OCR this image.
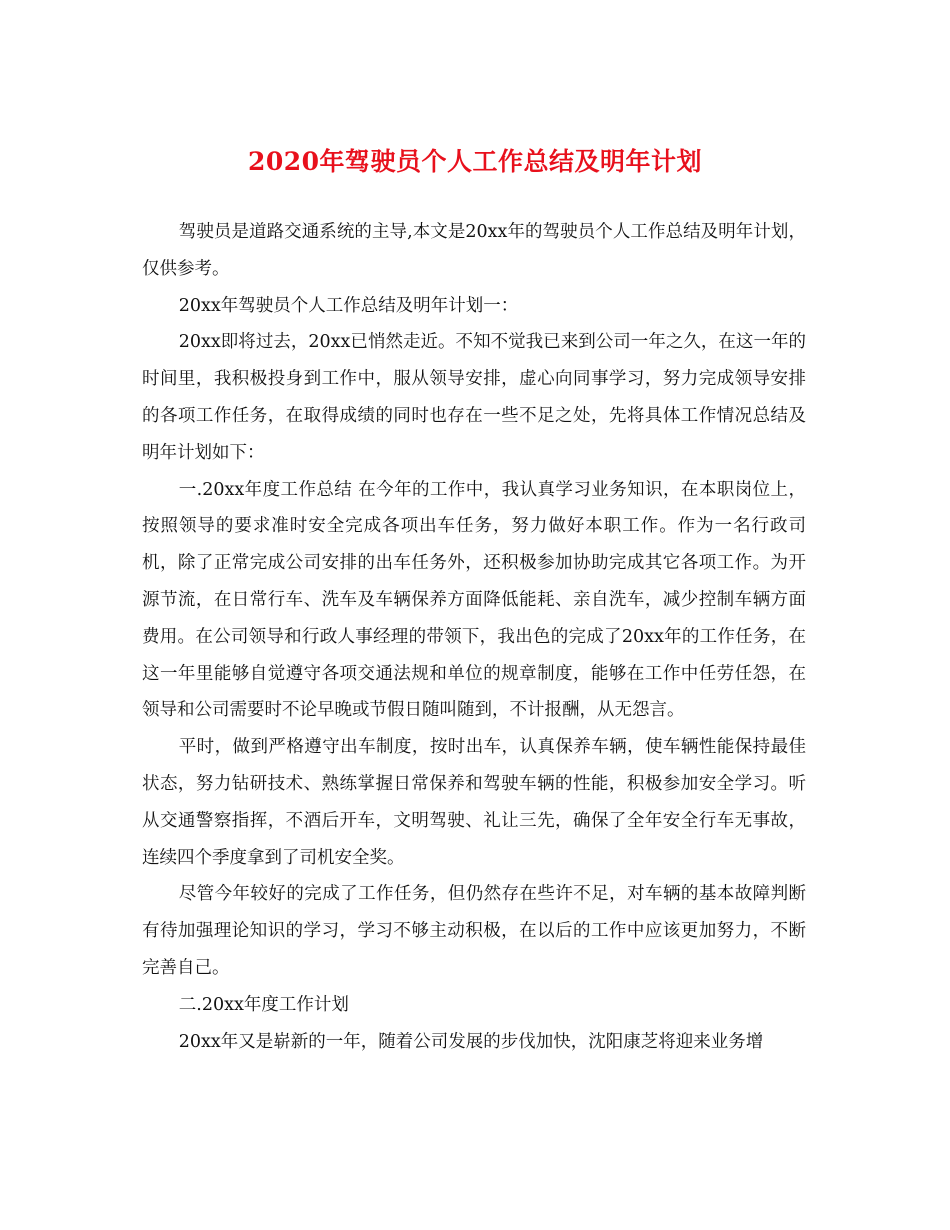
2020年驾驶员个人工作总结及明年计划

驾驶员是道路交通系统的主导,本文是20xx年的驾驶员个人工作总结及明年计划，仅供参考。

20xx年驾驶员个人工作总结及明年计划一：

20xx即将过去，20xx已悄然走近。不知不觉我已来到公司一年之久，在这一年的时间里，我积极投身到工作中，服从领导安排，虚心向同事学习，努力完成领导安排的各项工作任务，在取得成绩的同时也存在一些不足之处，先将具体工作情况总结及明年计划如下：

一.20xx年度工作总结 在今年的工作中，我认真学习业务知识，在本职岗位上，按照领导的要求准时安全完成各项出车任务，努力做好本职工作。作为一名行政司机，除了正常完成公司安排的出车任务外，还积极参加协助完成其它各项工作。为开源节流，在日常行车、洗车及车辆保养方面降低能耗、亲自洗车，减少控制车辆方面费用。在公司领导和行政人事经理的带领下，我出色的完成了20xx年的工作任务，在这一年里能够自觉遵守各项交通法规和单位的规章制度，能够在工作中任劳任怨，在领导和公司需要时不论早晚或节假日随叫随到，不计报酬，从无怨言。

平时，做到严格遵守出车制度，按时出车，认真保养车辆，使车辆性能保持最佳状态，努力钻研技术、熟练掌握日常保养和驾驶车辆的性能，积极参加安全学习。听从交通警察指挥，不酒后开车，文明驾驶、礼让三先，确保了全年安全行车无事故，连续四个季度拿到了司机安全奖。

尽管今年较好的完成了工作任务，但仍然存在些许不足，对车辆的基本故障判断有待加强理论知识的学习，学习不够主动积极，在以后的工作中应该更加努力，不断完善自己。

二.20xx年度工作计划

20xx年又是崭新的一年，随着公司发展的步伐加快，沈阳康芝将迎来业务增
